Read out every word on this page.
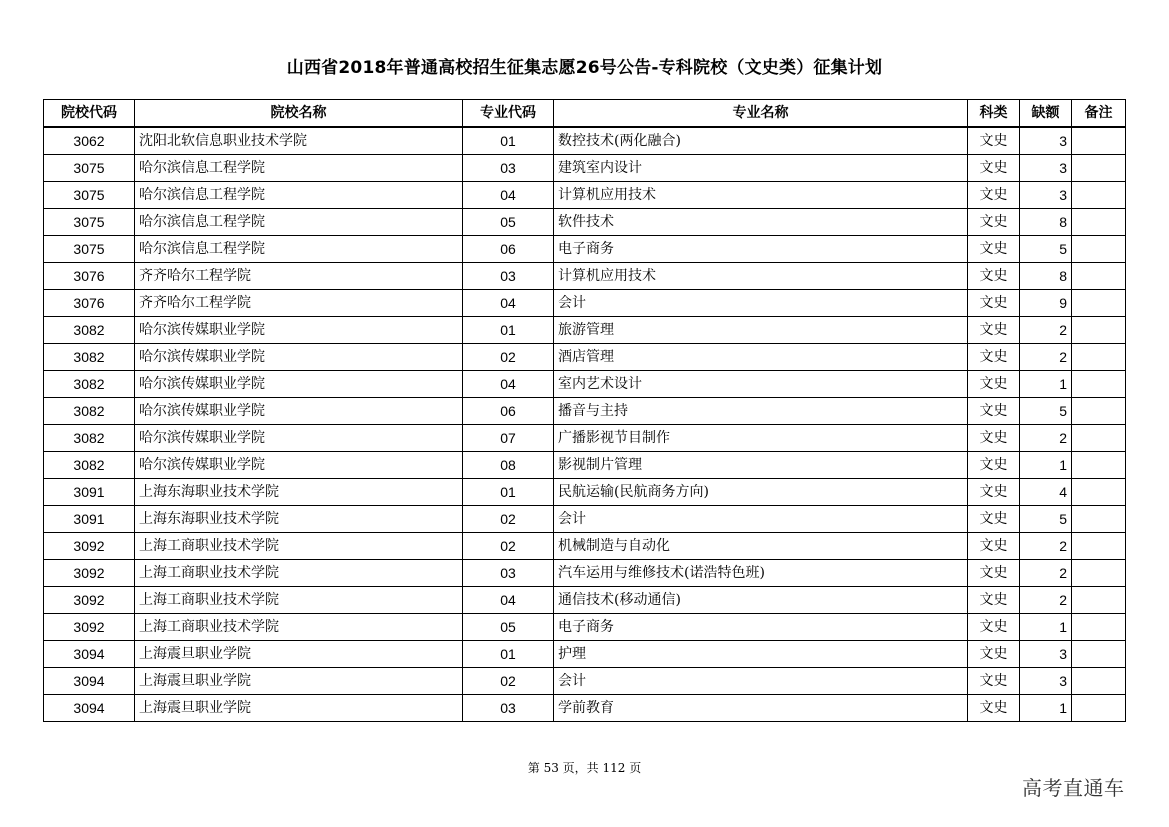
山西省2018年普通高校招生征集志愿26号公告-专科院校（文史类）征集计划
院校代码	院校名称	专业代码	专业名称	科类	缺额	备注
3062	沈阳北软信息职业技术学院	01	数控技术(两化融合)	文史	3	
3075	哈尔滨信息工程学院	03	建筑室内设计	文史	3	
3075	哈尔滨信息工程学院	04	计算机应用技术	文史	3	
3075	哈尔滨信息工程学院	05	软件技术	文史	8	
3075	哈尔滨信息工程学院	06	电子商务	文史	5	
3076	齐齐哈尔工程学院	03	计算机应用技术	文史	8	
3076	齐齐哈尔工程学院	04	会计	文史	9	
3082	哈尔滨传媒职业学院	01	旅游管理	文史	2	
3082	哈尔滨传媒职业学院	02	酒店管理	文史	2	
3082	哈尔滨传媒职业学院	04	室内艺术设计	文史	1	
3082	哈尔滨传媒职业学院	06	播音与主持	文史	5	
3082	哈尔滨传媒职业学院	07	广播影视节目制作	文史	2	
3082	哈尔滨传媒职业学院	08	影视制片管理	文史	1	
3091	上海东海职业技术学院	01	民航运输(民航商务方向)	文史	4	
3091	上海东海职业技术学院	02	会计	文史	5	
3092	上海工商职业技术学院	02	机械制造与自动化	文史	2	
3092	上海工商职业技术学院	03	汽车运用与维修技术(诺浩特色班)	文史	2	
3092	上海工商职业技术学院	04	通信技术(移动通信)	文史	2	
3092	上海工商职业技术学院	05	电子商务	文史	1	
3094	上海震旦职业学院	01	护理	文史	3	
3094	上海震旦职业学院	02	会计	文史	3	
3094	上海震旦职业学院	03	学前教育	文史	1	
第 53 页，共 112 页
高考直通车
